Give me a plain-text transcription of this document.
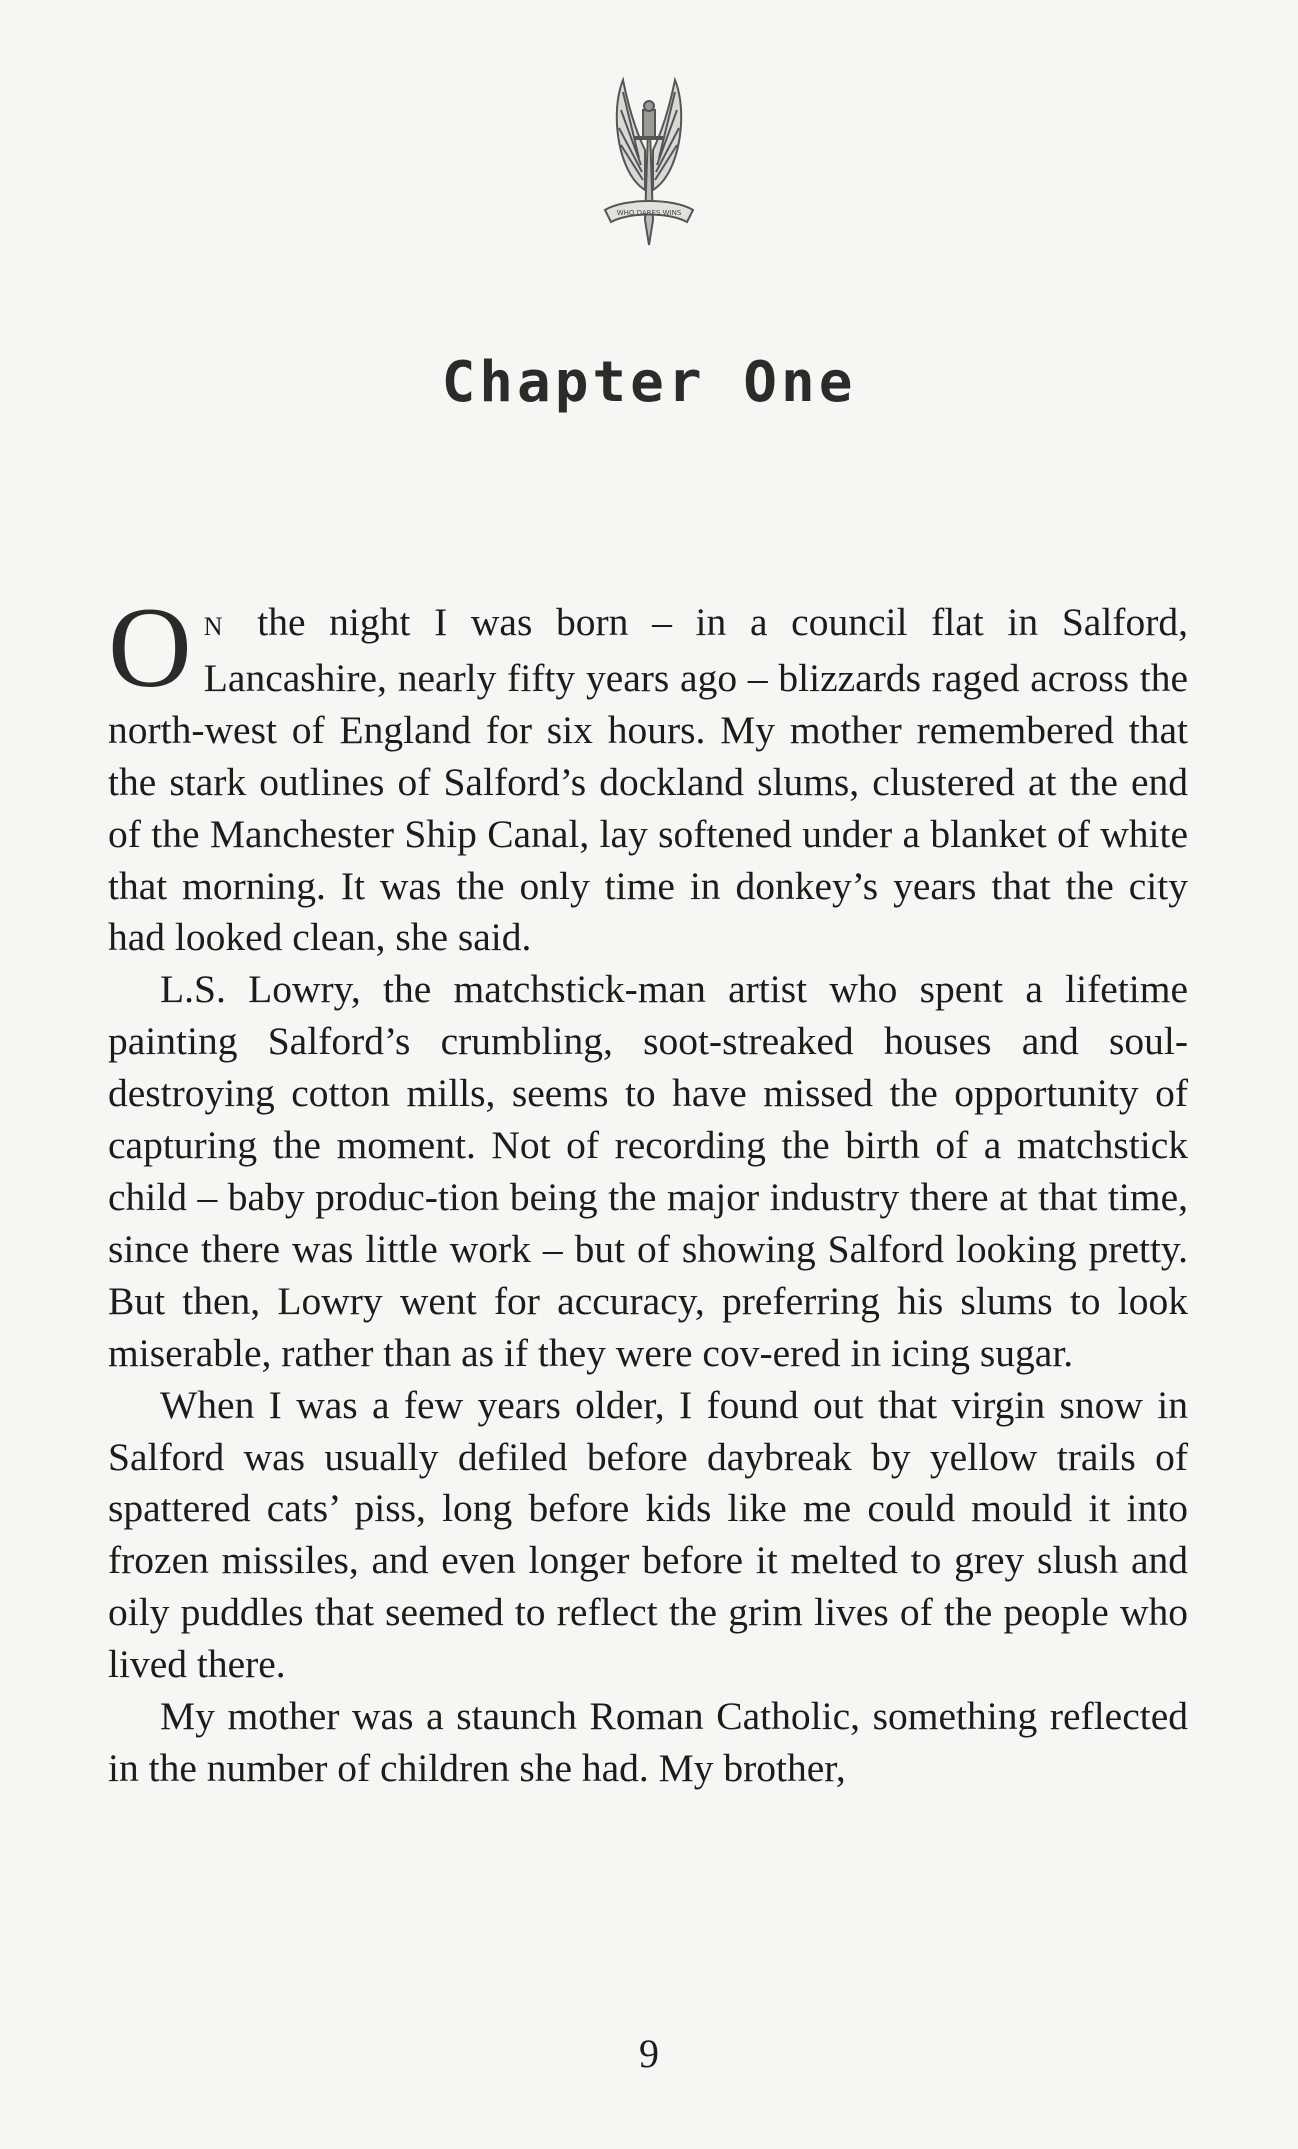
WHO DARES WINS
Chapter One

O N the night I was born – in a council flat in Salford, Lancashire, nearly fifty years ago – blizzards raged across the north-west of England for six hours. My mother remembered that the stark outlines of Salford’s dockland slums, clustered at the end of the Manchester Ship Canal, lay softened under a blanket of white that morning. It was the only time in donkey’s years that the city had looked clean, she said.

L.S. Lowry, the matchstick-man artist who spent a lifetime painting Salford’s crumbling, soot-streaked houses and soul-destroying cotton mills, seems to have missed the opportunity of capturing the moment. Not of recording the birth of a matchstick child – baby produc-tion being the major industry there at that time, since there was little work – but of showing Salford looking pretty. But then, Lowry went for accuracy, preferring his slums to look miserable, rather than as if they were cov-ered in icing sugar.

When I was a few years older, I found out that virgin snow in Salford was usually defiled before daybreak by yellow trails of spattered cats’ piss, long before kids like me could mould it into frozen missiles, and even longer before it melted to grey slush and oily puddles that seemed to reflect the grim lives of the people who lived there.

My mother was a staunch Roman Catholic, something reflected in the number of children she had. My brother,

9
